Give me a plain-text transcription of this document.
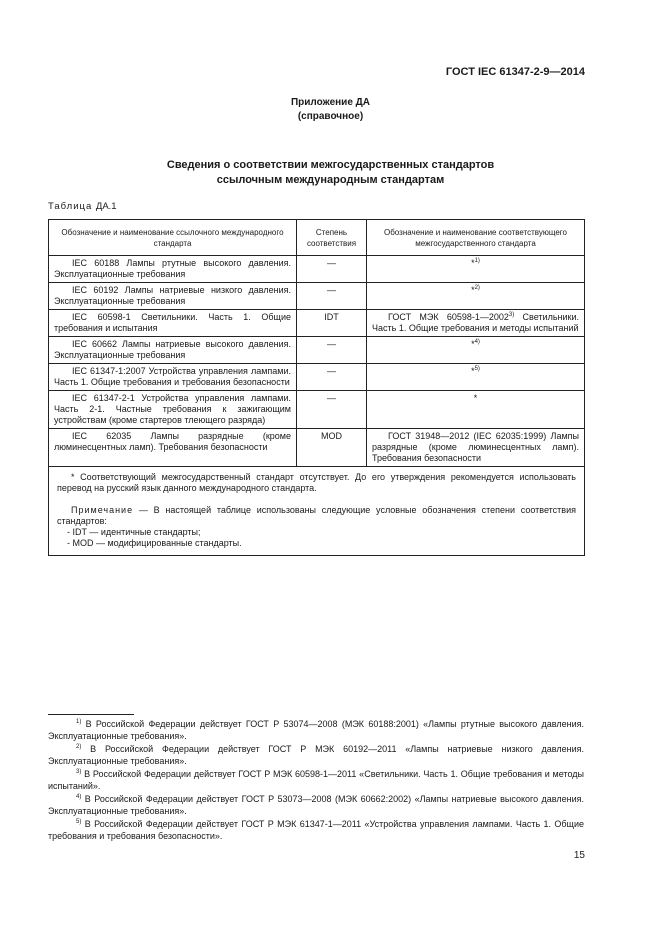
ГОСТ IEC 61347-2-9—2014
Приложение ДА
(справочное)
Сведения о соответствии межгосударственных стандартов
ссылочным международным стандартам
Таблица ДА.1
Обозначение и наименование ссылочного международного стандарта	Степень соответствия	Обозначение и наименование соответствующего межгосударственного стандарта
IEC 60188 Лампы ртутные высокого давления. Эксплуатационные требования	—	*$^{1)}$
IEC 60192 Лампы натриевые низкого давления. Эксплуатационные требования	—	*$^{2)}$
IEC 60598-1 Светильники. Часть 1. Общие требования и испытания	IDT	ГОСТ МЭК 60598-1—2002$^{3)}$ Светильники. Часть 1. Общие требования и методы испытаний
IEC 60662 Лампы натриевые высокого давления. Эксплуатационные требования	—	*$^{4)}$
IEC 61347-1:2007 Устройства управления лампами. Часть 1. Общие требования и требования безопасности	—	*$^{5)}$
IEC 61347-2-1 Устройства управления лампами. Часть 2-1. Частные требования к зажигающим устройствам (кроме стартеров тлеющего разряда)	—	*
IEC 62035 Лампы разрядные (кроме люминесцентных ламп). Требования безопасности	MOD	ГОСТ 31948—2012 (IEC 62035:1999) Лампы разрядные (кроме люминесцентных ламп). Требования безопасности

* Соответствующий межгосударственный стандарт отсутствует. До его утверждения рекомендуется использовать перевод на русский язык данного международного стандарта.

Примечание — В настоящей таблице использованы следующие условные обозначения степени соответствия стандартов:

- IDT — идентичные стандарты;

- MOD — модифицированные стандарты.		

$^{1)}$ В Российской Федерации действует ГОСТ Р 53074—2008 (МЭК 60188:2001) «Лампы ртутные высокого давления. Эксплуатационные требования».

$^{2)}$ В Российской Федерации действует ГОСТ Р МЭК 60192—2011 «Лампы натриевые низкого давления. Эксплуатационные требования».

$^{3)}$ В Российской Федерации действует ГОСТ Р МЭК 60598-1—2011 «Светильники. Часть 1. Общие требования и методы испытаний».

$^{4)}$ В Российской Федерации действует ГОСТ Р 53073—2008 (МЭК 60662:2002) «Лампы натриевые высокого давления. Эксплуатационные требования».

$^{5)}$ В Российской Федерации действует ГОСТ Р МЭК 61347-1—2011 «Устройства управления лампами. Часть 1. Общие требования и требования безопасности».

15
